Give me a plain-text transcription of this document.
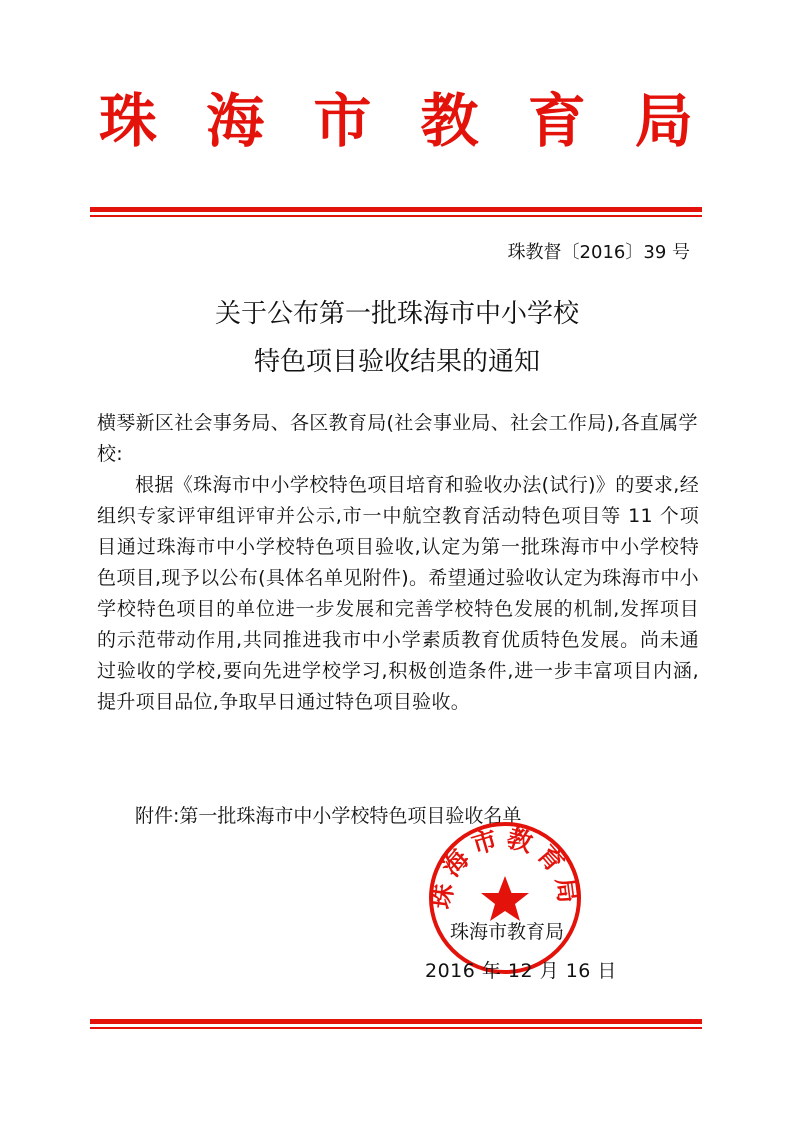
珠 海 市 教 育 局
珠教督〔2016〕39 号
关于公布第一批珠海市中小学校
特色项目验收结果的通知

横琴新区社会事务局、各区教育局(社会事业局、社会工作局),各直属学校:

根据《珠海市中小学校特色项目培育和验收办法(试行)》的要求,经组织专家评审组评审并公示,市一中航空教育活动特色项目等 11 个项目通过珠海市中小学校特色项目验收,认定为第一批珠海市中小学校特色项目,现予以公布(具体名单见附件)。希望通过验收认定为珠海市中小学校特色项目的单位进一步发展和完善学校特色发展的机制,发挥项目的示范带动作用,共同推进我市中小学素质教育优质特色发展。尚未通过验收的学校,要向先进学校学习,积极创造条件,进一步丰富项目内涵,提升项目品位,争取早日通过特色项目验收。

附件:第一批珠海市中小学校特色项目验收名单
珠海市教育局
珠海市教育局
2016 年 12 月 16 日
